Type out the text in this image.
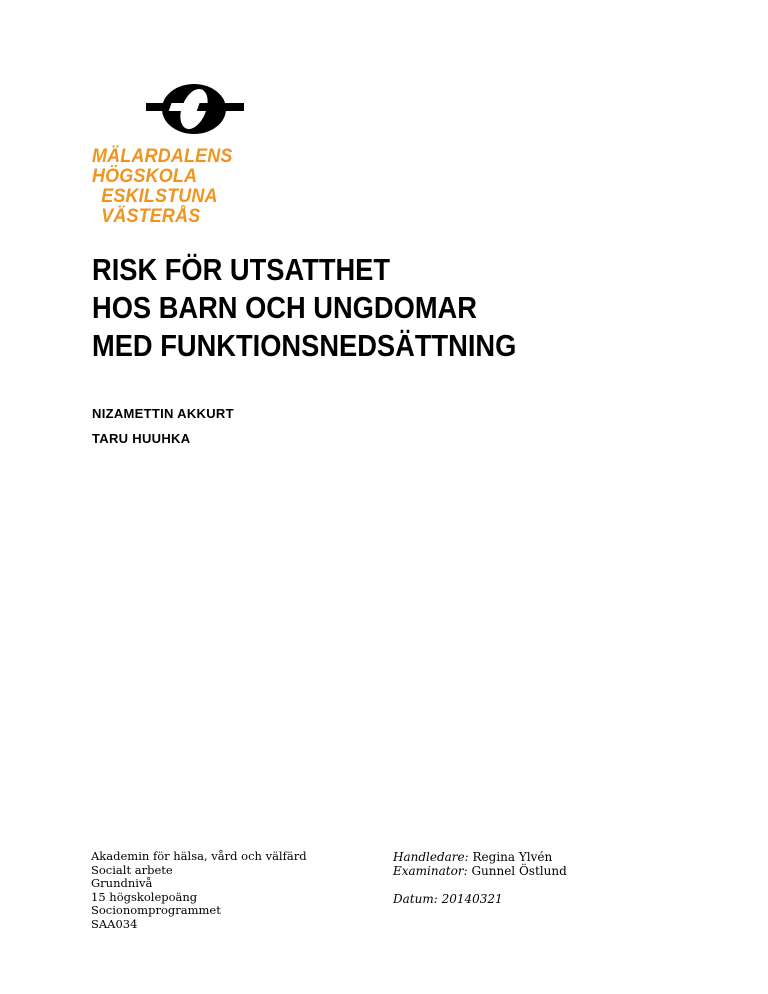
MÄLARDALENS HÖGSKOLA
ESKILSTUNA VÄSTERÅS
RISK FÖR UTSATTHET
HOS BARN OCH UNGDOMAR
MED FUNKTIONSNEDSÄTTNING
NIZAMETTIN AKKURT
TARU HUUHKA
Akademin för hälsa, vård och välfärd
Socialt arbete
Grundnivå
15 högskolepoäng
Socionomprogrammet
SAA034
Handledare: Regina Ylvén
Examinator: Gunnel Östlund
Datum: 20140321
